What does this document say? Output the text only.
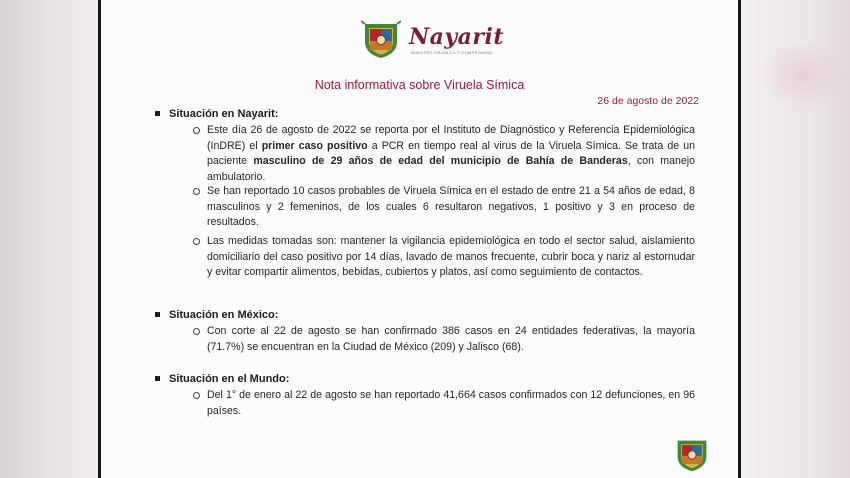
Nayarit
NUESTRO ORGULLO Y COMPROMISO
Nota informativa sobre Viruela Símica
26 de agosto de 2022
Situación en Nayarit:

Este día 26 de agosto de 2022 se reporta por el Instituto de Diagnóstico y Referencia Epidemiológica (InDRE) el primer caso positivo a PCR en tiempo real al virus de la Viruela Símica. Se trata de un paciente masculino de 29 años de edad del municipio de Bahía de Banderas, con manejo ambulatorio.

Se han reportado 10 casos probables de Viruela Símica en el estado de entre 21 a 54 años de edad, 8 masculinos y 2 femeninos, de los cuales 6 resultaron negativos, 1 positivo y 3 en proceso de resultados.

Las medidas tomadas son: mantener la vigilancia epidemiológica en todo el sector salud, aislamiento domiciliario del caso positivo por 14 días, lavado de manos frecuente, cubrir boca y nariz al estornudar y evitar compartir alimentos, bebidas, cubiertos y platos, así como seguimiento de contactos.

Situación en México:

Con corte al 22 de agosto se han confirmado 386 casos en 24 entidades federativas, la mayoría (71.7%) se encuentran en la Ciudad de México (209) y Jalisco (68).

Situación en el Mundo:

Del 1° de enero al 22 de agosto se han reportado 41,664 casos confirmados con 12 defunciones, en 96 países.
